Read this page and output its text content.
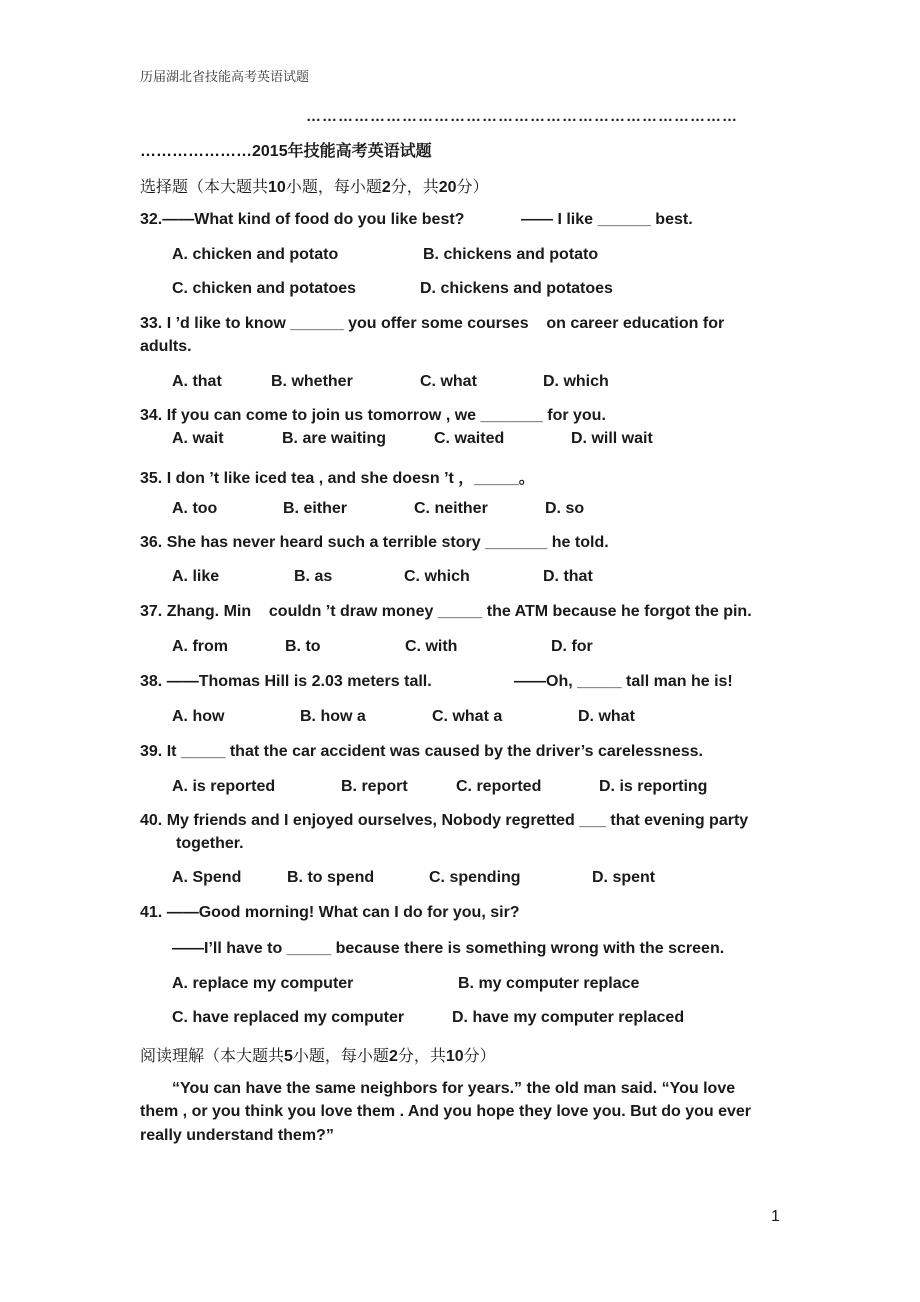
历届湖北省技能高考英语试题
………………………………………………………………………
…………………2015年技能高考英语试题
选择题（本大题共10小题，每小题2分，共20分）
32.——What kind of food do you like best?	—— I like ______ best.
A. chicken and potato	B. chickens and potato
C. chicken and potatoes	D. chickens and potatoes
33. I ’d like to know ______ you offer some courses    on career education for
adults.
A. that	B. whether	C. what	D. which
34. If you can come to join us tomorrow , we _______ for you.
A. wait	B. are waiting	C. waited	D. will wait
35. I don ’t like iced tea , and she doesn ’t ，_____。
A. too	B. either	C. neither	D. so
36. She has never heard such a terrible story _______ he told.
A. like	B. as	C. which	D. that
37. Zhang. Min    couldn ’t draw money _____ the ATM because he forgot the pin.
A. from	B. to	C. with	D. for
38. ——Thomas Hill is 2.03 meters tall.	——Oh, _____ tall man he is!
A. how	B. how a	C. what a	D. what
39. It _____ that the car accident was caused by the driver’s carelessness.
A. is reported	B. report	C. reported	D. is reporting
40. My friends and I enjoyed ourselves, Nobody regretted ___ that evening party
together.
A. Spend	B. to spend	C. spending	D. spent
41. ——Good morning! What can I do for you, sir?
——I’ll have to _____ because there is something wrong with the screen.
A. replace my computer	B. my computer replace
C. have replaced my computer	D. have my computer replaced
阅读理解（本大题共5小题，每小题2分，共10分）
“You can have the same neighbors for years.” the old man said. “You love
them , or you think you love them . And you hope they love you. But do you ever
really understand them?”
1
